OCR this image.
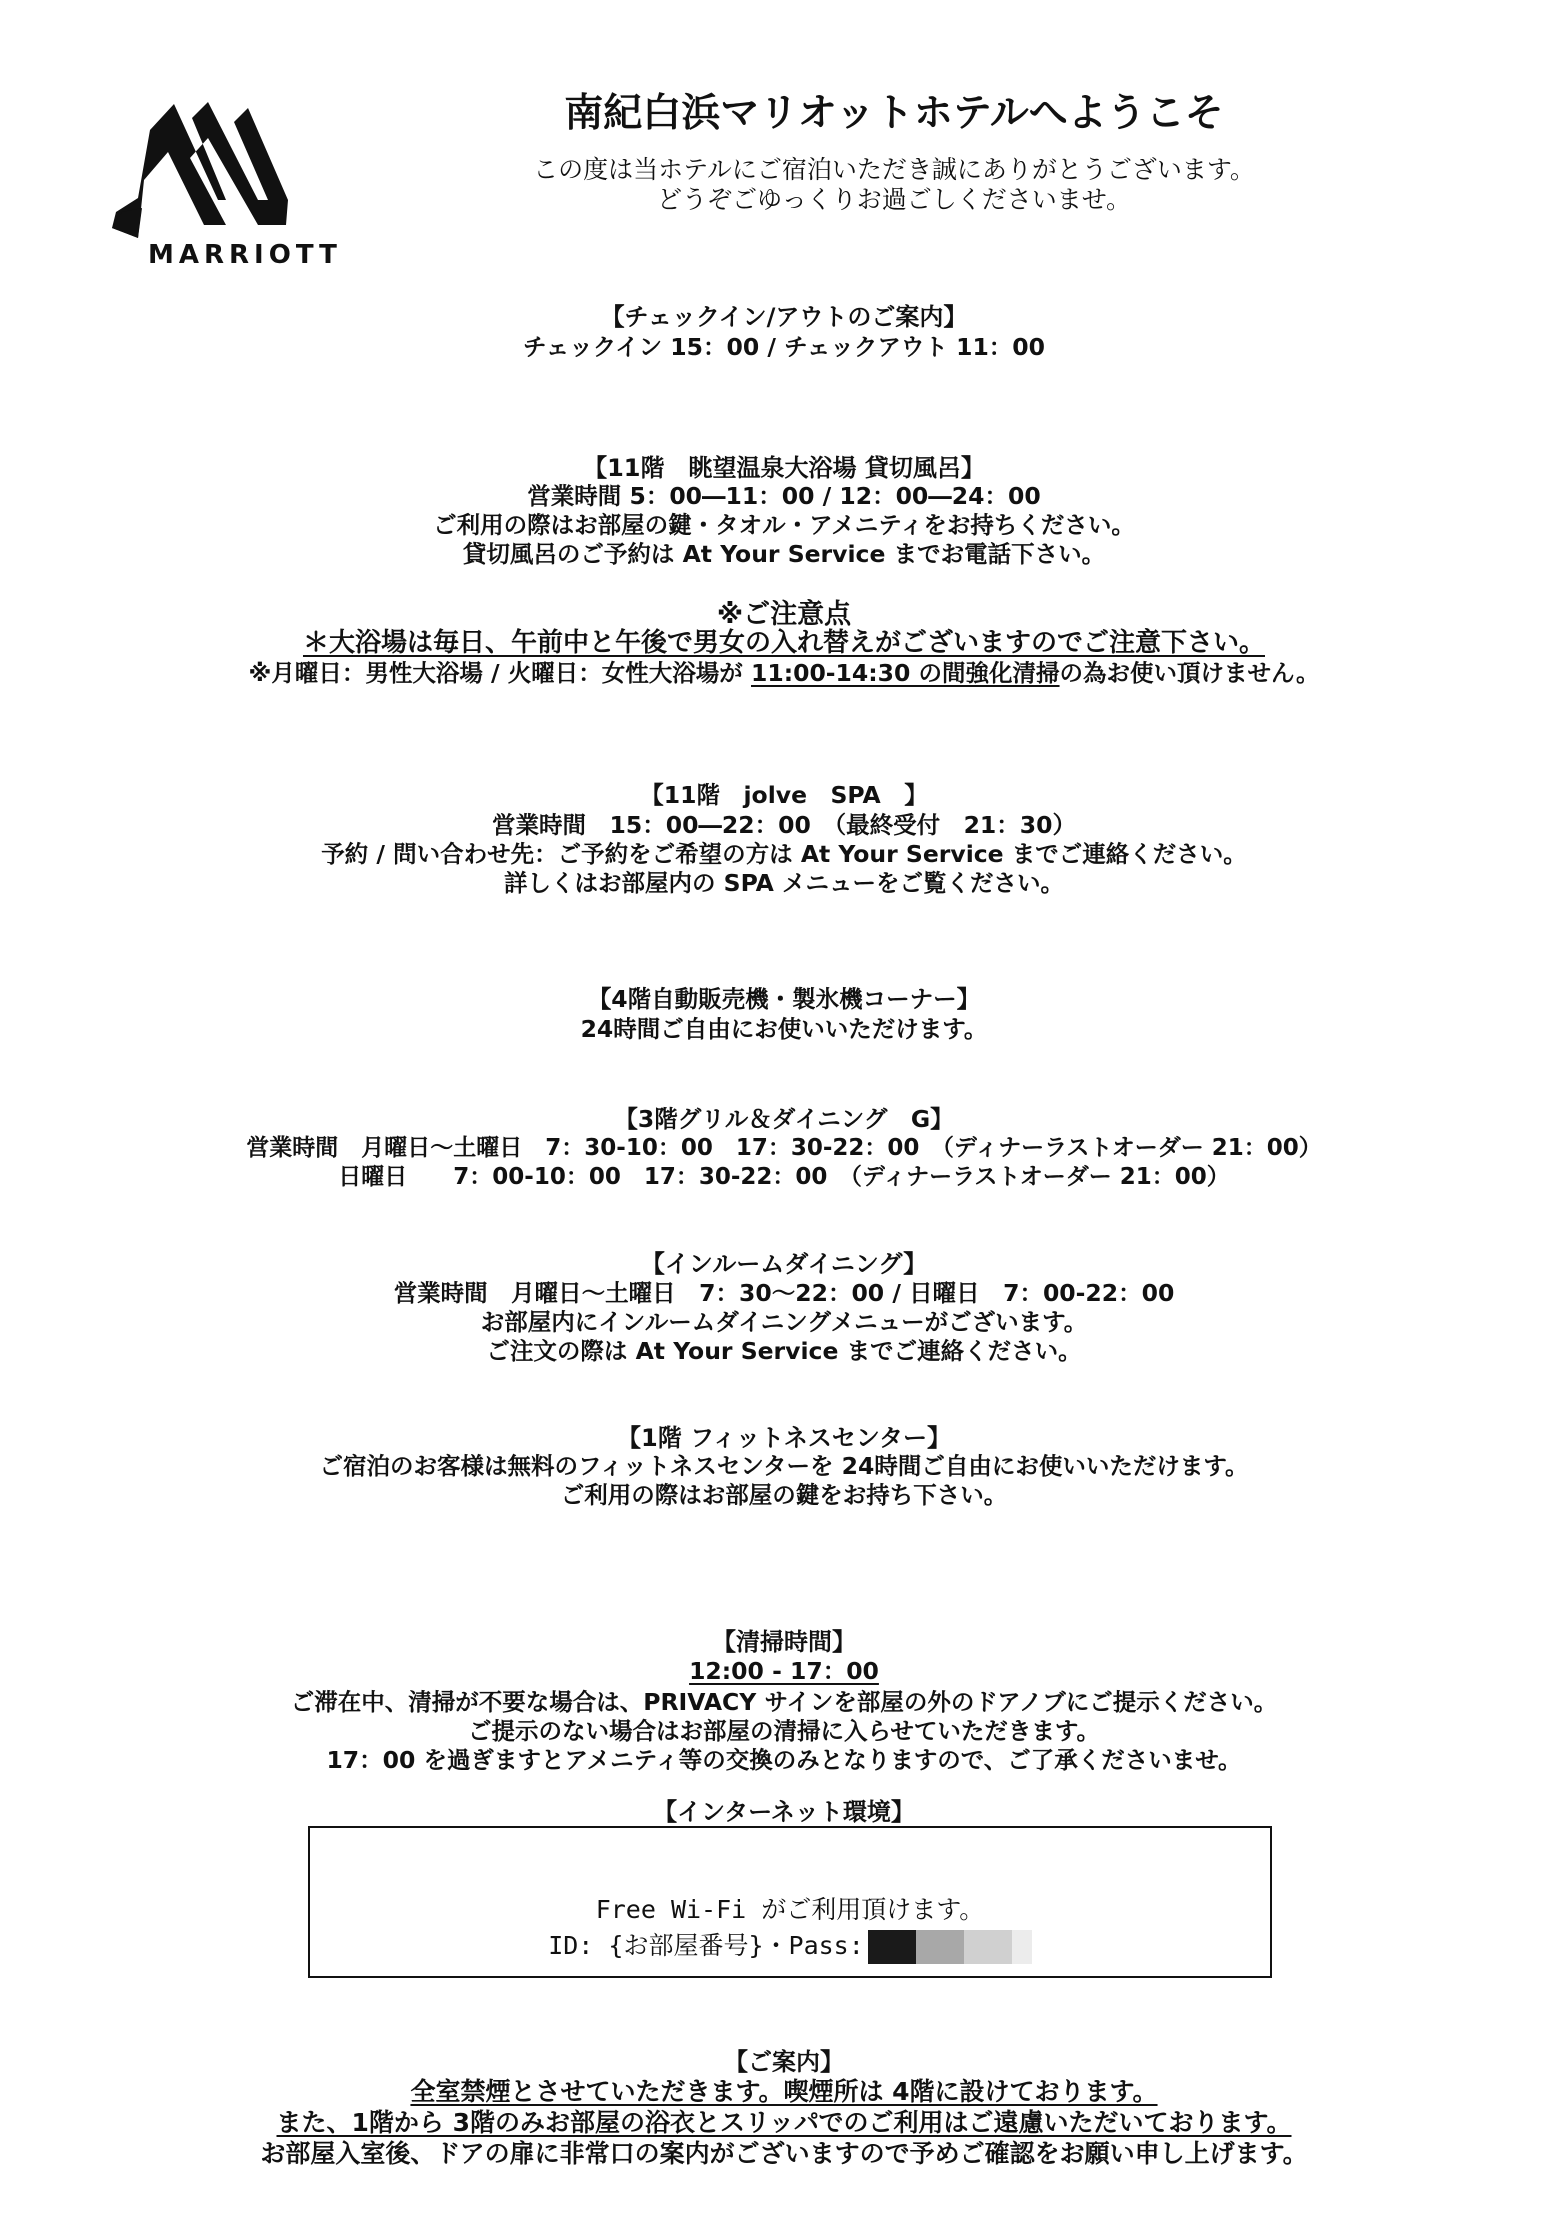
MARRIOTT
南紀白浜マリオットホテルへようこそ
この度は当ホテルにご宿泊いただき誠にありがとうございます。
どうぞごゆっくりお過ごしくださいませ。
【チェックイン/アウトのご案内】
チェックイン 15：00 / チェックアウト 11：00
【11階　眺望温泉大浴場 貸切風呂】
営業時間 5：00―11：00 / 12：00―24：00
ご利用の際はお部屋の鍵・タオル・アメニティをお持ちください。
貸切風呂のご予約は At Your Service までお電話下さい。
※ご注意点
＊大浴場は毎日、午前中と午後で男女の入れ替えがございますのでご注意下さい。
※月曜日：男性大浴場 / 火曜日：女性大浴場が 11:00-14:30 の間強化清掃の為お使い頂けません。
【11階　jolve　SPA　】
営業時間　15：00―22：00　（最終受付　21：30）
予約 / 問い合わせ先：ご予約をご希望の方は At Your Service までご連絡ください。
詳しくはお部屋内の SPA メニューをご覧ください。
【4階自動販売機・製氷機コーナー】
24時間ご自由にお使いいただけます。
【3階グリル＆ダイニング　G】
営業時間　月曜日～土曜日　7：30-10：00　17：30-22：00　（ディナーラストオーダー 21：00）
日曜日　　7：00-10：00　17：30-22：00　（ディナーラストオーダー 21：00）
【インルームダイニング】
営業時間　月曜日～土曜日　7：30～22：00 / 日曜日　7：00-22：00
お部屋内にインルームダイニングメニューがございます。
ご注文の際は At Your Service までご連絡ください。
【1階 フィットネスセンター】
ご宿泊のお客様は無料のフィットネスセンターを 24時間ご自由にお使いいただけます。
ご利用の際はお部屋の鍵をお持ち下さい。
【清掃時間】
12:00 - 17：00
ご滞在中、清掃が不要な場合は、PRIVACY サインを部屋の外のドアノブにご提示ください。
ご提示のない場合はお部屋の清掃に入らせていただきます。
17：00 を過ぎますとアメニティ等の交換のみとなりますので、ご了承くださいませ。
【インターネット環境】
Free Wi-Fi がご利用頂けます。
ID: {お部屋番号}・Pass:
【ご案内】
全室禁煙とさせていただきます。喫煙所は 4階に設けております。
また、1階から 3階のみお部屋の浴衣とスリッパでのご利用はご遠慮いただいております。
お部屋入室後、ドアの扉に非常口の案内がございますので予めご確認をお願い申し上げます。
